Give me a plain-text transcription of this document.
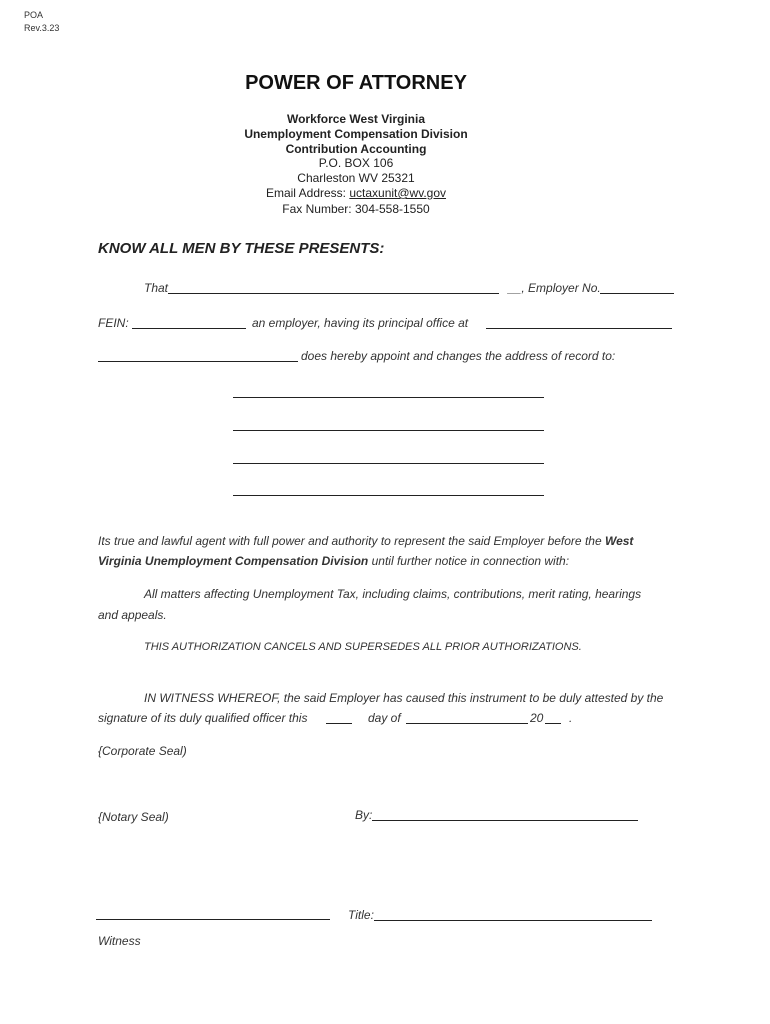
POA
Rev.3.23
POWER OF ATTORNEY
Workforce West Virginia
Unemployment Compensation Division
Contribution Accounting
P.O. BOX 106
Charleston WV 25321
Email Address: uctaxunit@wv.gov
Fax Number: 304-558-1550
KNOW ALL MEN BY THESE PRESENTS:
That	__, Employer No.
FEIN:	an employer, having its principal office at
does hereby appoint and changes the address of record to:
Its true and lawful agent with full power and authority to represent the said Employer before the West
Virginia Unemployment Compensation Division until further notice in connection with:
All matters affecting Unemployment Tax, including claims, contributions, merit rating, hearings
and appeals.
THIS AUTHORIZATION CANCELS AND SUPERSEDES ALL PRIOR AUTHORIZATIONS.
IN WITNESS WHEREOF, the said Employer has caused this instrument to be duly attested by the
signature of its duly qualified officer this	day of	20 .
{Corporate Seal)
{Notary Seal)	By:
Title:
Witness
